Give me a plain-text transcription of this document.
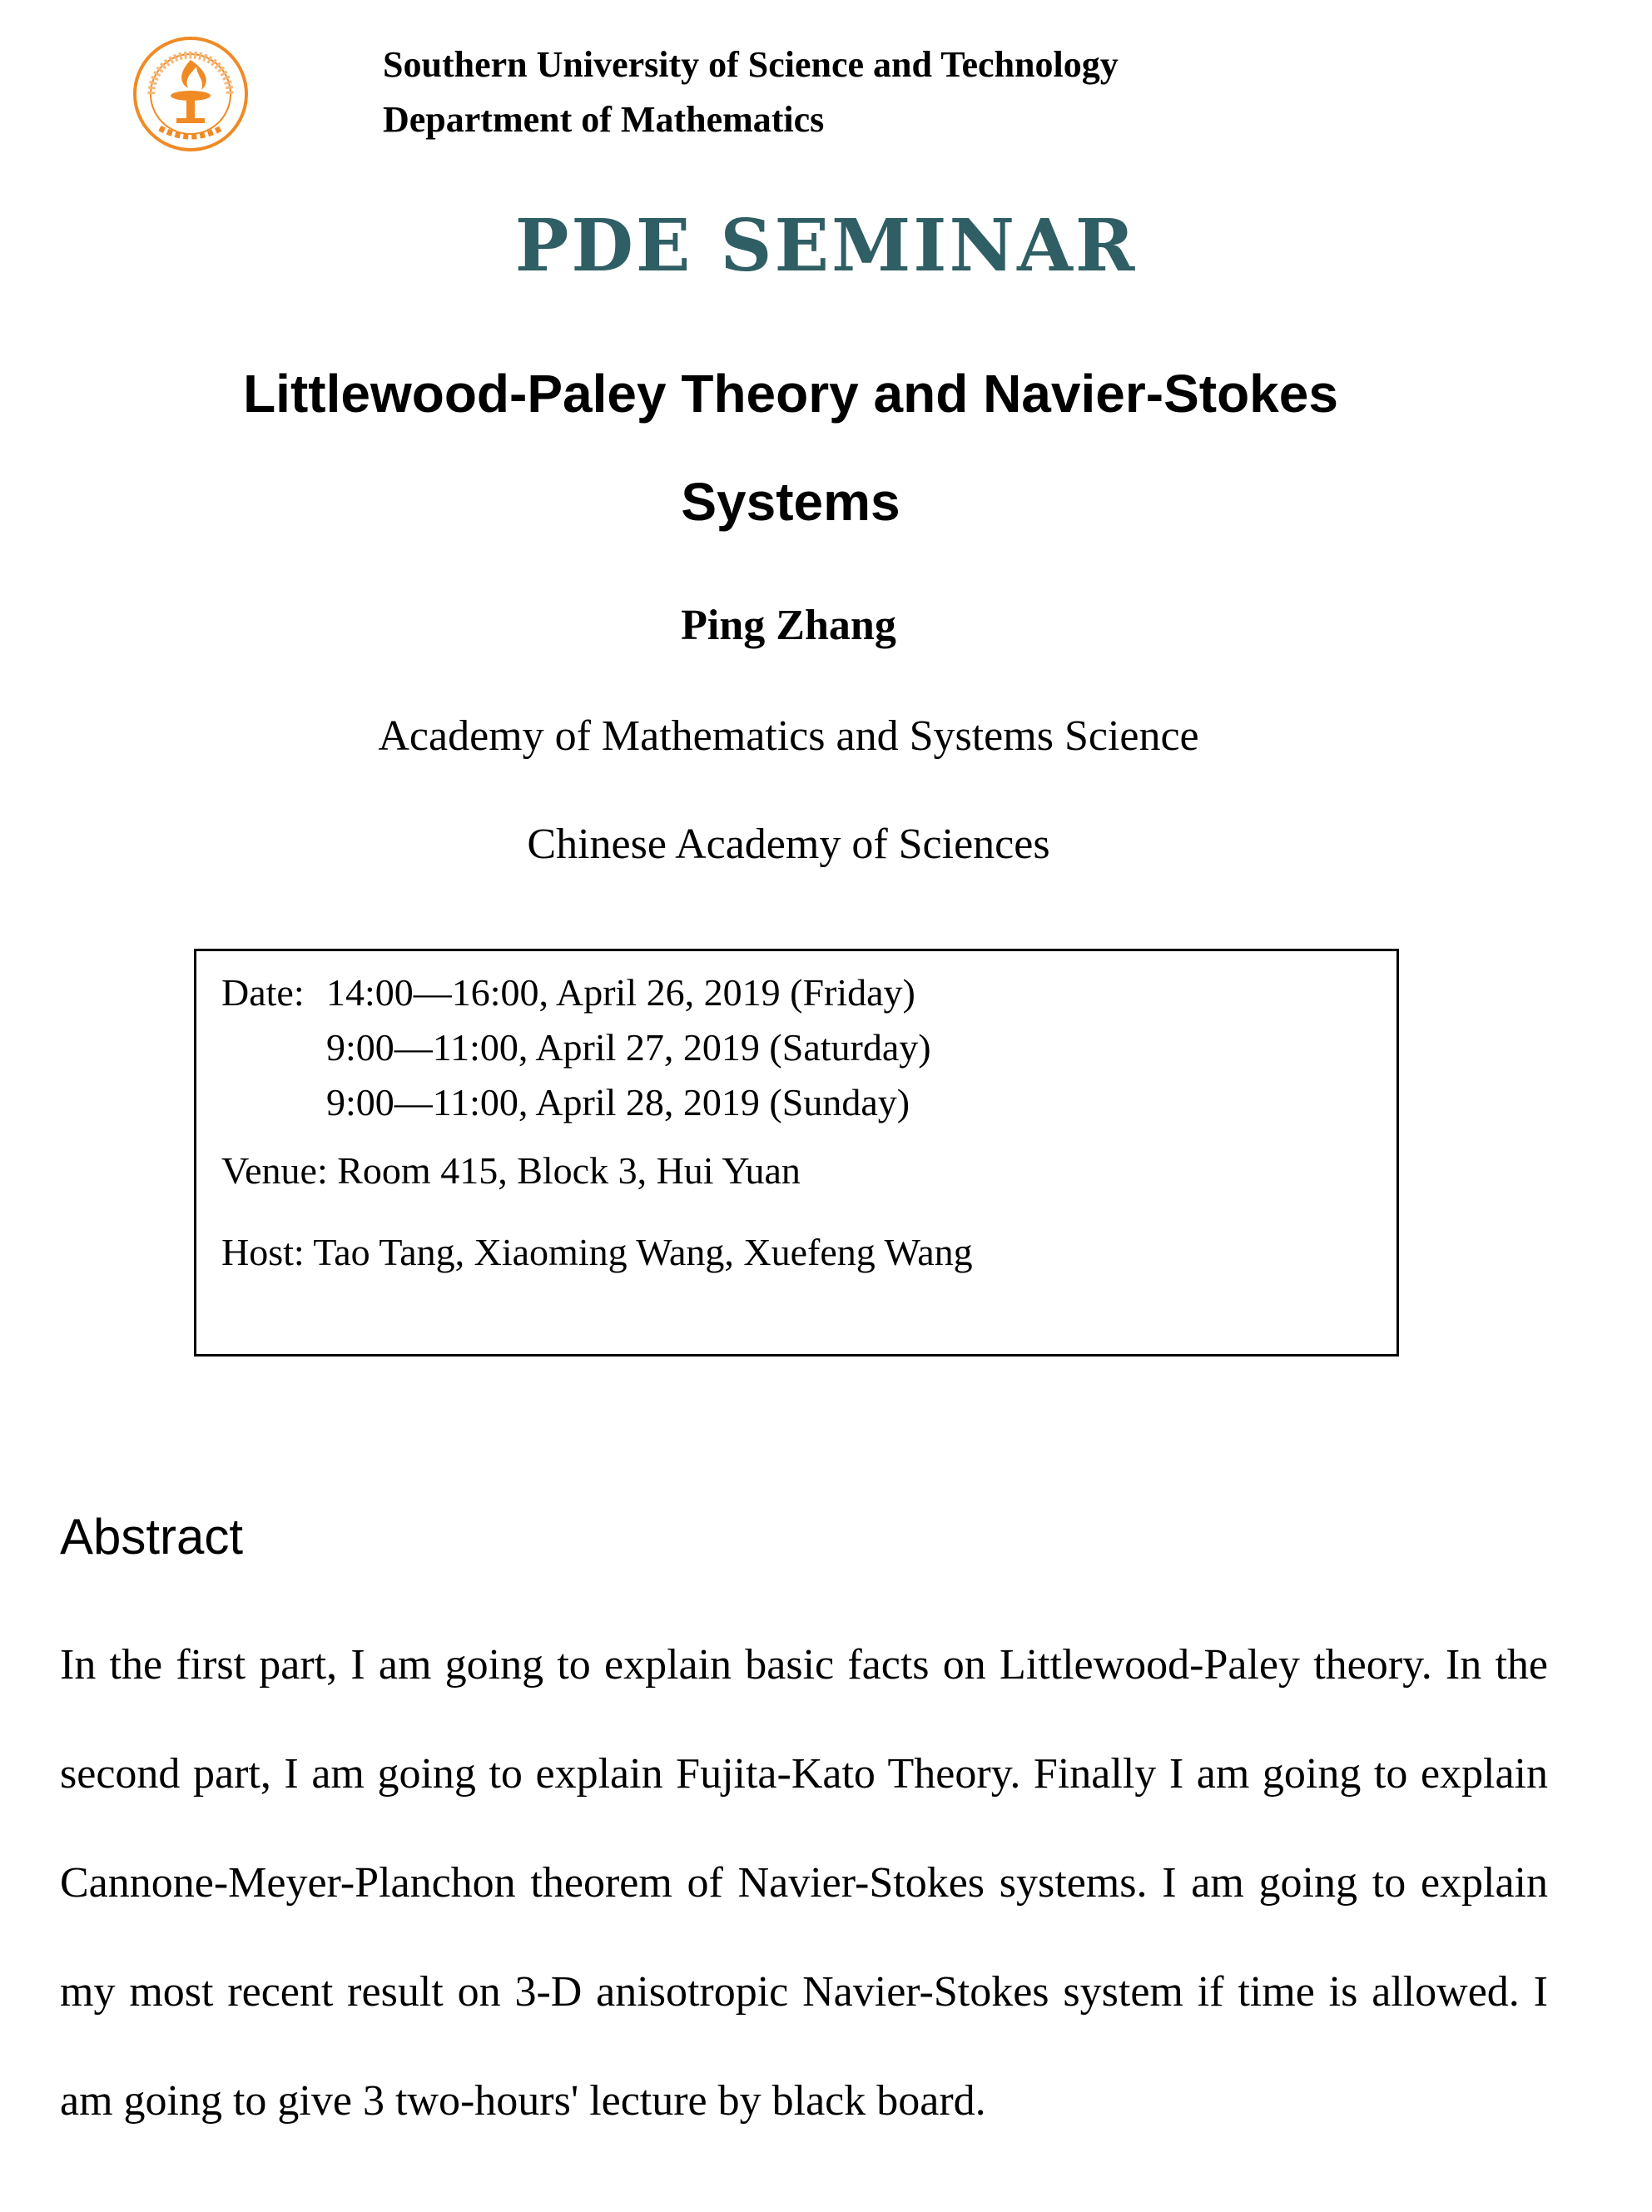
Southern University of Science and Technology
Department of Mathematics
PDE SEMINAR
Littlewood-Paley Theory and Navier-Stokes Systems
Ping Zhang
Academy of Mathematics and Systems Science
Chinese Academy of Sciences
Date: 14:00—16:00, April 26, 2019 (Friday)
9:00—11:00, April 27, 2019 (Saturday)
9:00—11:00, April 28, 2019 (Sunday)
Venue: Room 415, Block 3, Hui Yuan
Host: Tao Tang, Xiaoming Wang, Xuefeng Wang
Abstract
In the first part, I am going to explain basic facts on Littlewood-Paley theory. In the second part, I am going to explain Fujita-Kato Theory. Finally I am going to explain Cannone-Meyer-Planchon theorem of Navier-Stokes systems. I am going to explain my most recent result on 3-D anisotropic Navier-Stokes system if time is allowed. I am going to give 3 two-hours' lecture by black board.
